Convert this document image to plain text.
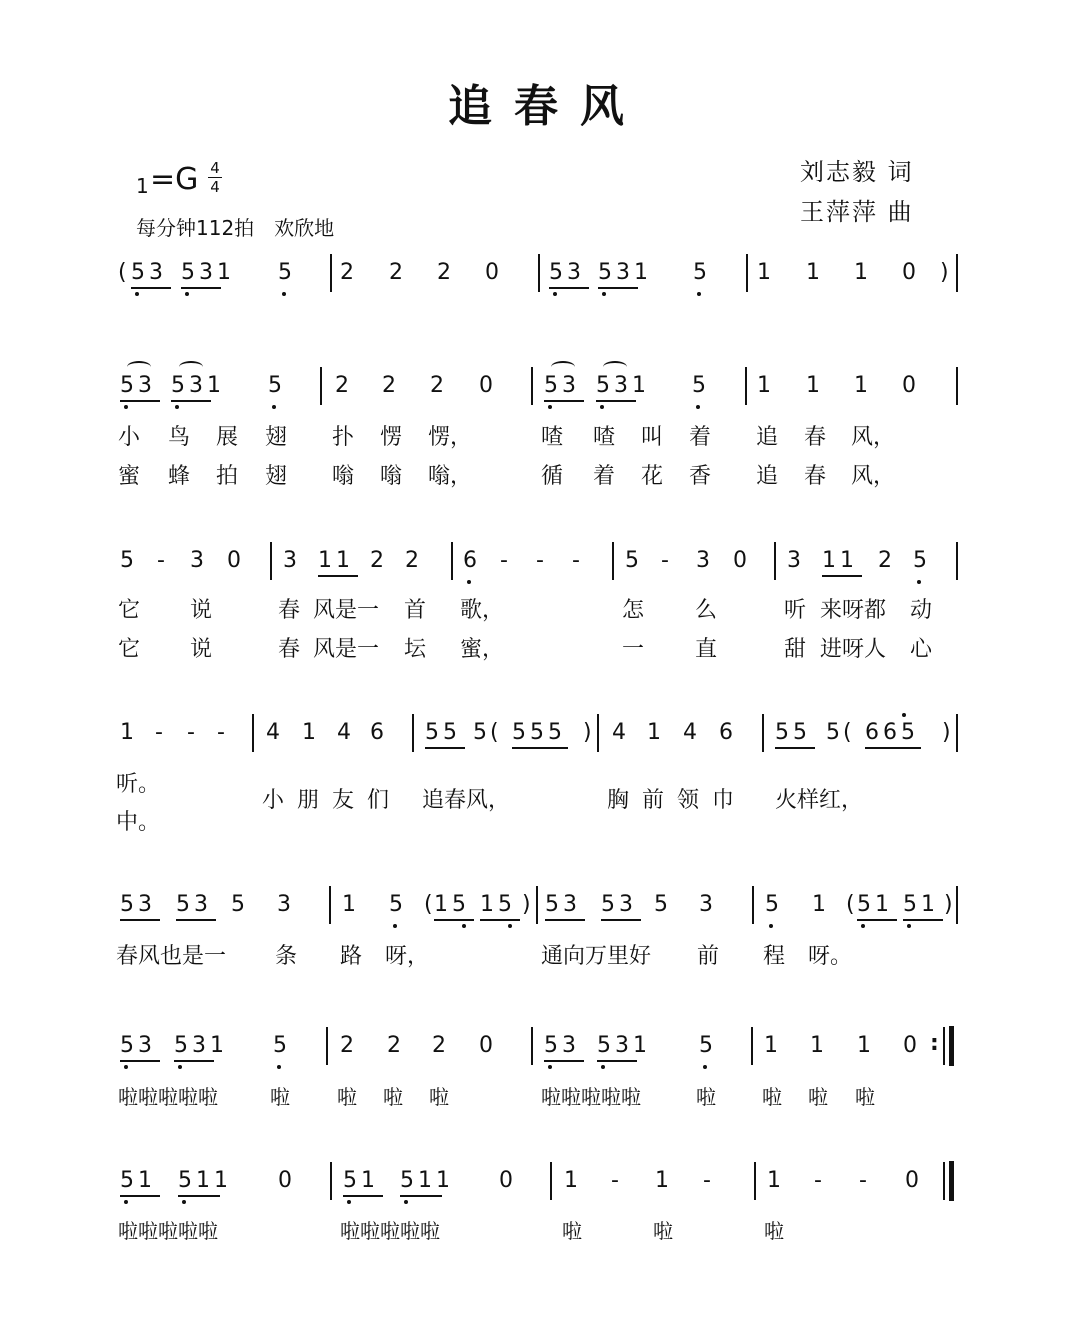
追春风
1 =G 4
4
每分钟112拍　欢欣地
刘志毅 词
王萍萍 曲
( 53 531 5 2 2 2 0 53 531 5 1 1 1 0 )
53 531 5 2 2 2 0 53 531 5 1 1 1 0
小 鸟 展 翅 扑 愣 愣，	喳 喳 叫 着 追 春 风，
蜜 蜂 拍 翅 嗡 嗡 嗡，	循 着 花 香 追 春 风，
5 - 3 0 3 11 2 2 6 - - - 5 - 3 0 3 11 2 5
它 说	春 风是一 首 歌，	怎 么	听 来呀都 动
它 说	春 风是一 坛 蜜，	一 直	甜 进呀人 心
1 - - - 4 1 4 6 55 5 ( 555 ) 4 1 4 6 55 5 ( 665 )
听。
小 朋 友 们 追春风，	胸 前 领 巾 火样红，
中。
53 53 5 3 1 5 ( 15 15 ) 53 53 5 3 5 1 ( 51 51 )
春风也是一 条 路 呀，	通向万里好 前 程 呀。
53 531 5 2 2 2 0 53 531 5 1 1 1 0 :
啦啦啦啦啦	啦 啦 啦 啦	啦啦啦啦啦	啦 啦 啦 啦
51 511 0 51 511 0 1 - 1 -	1 - - 0
啦啦啦啦啦	啦啦啦啦啦	啦	啦	啦
